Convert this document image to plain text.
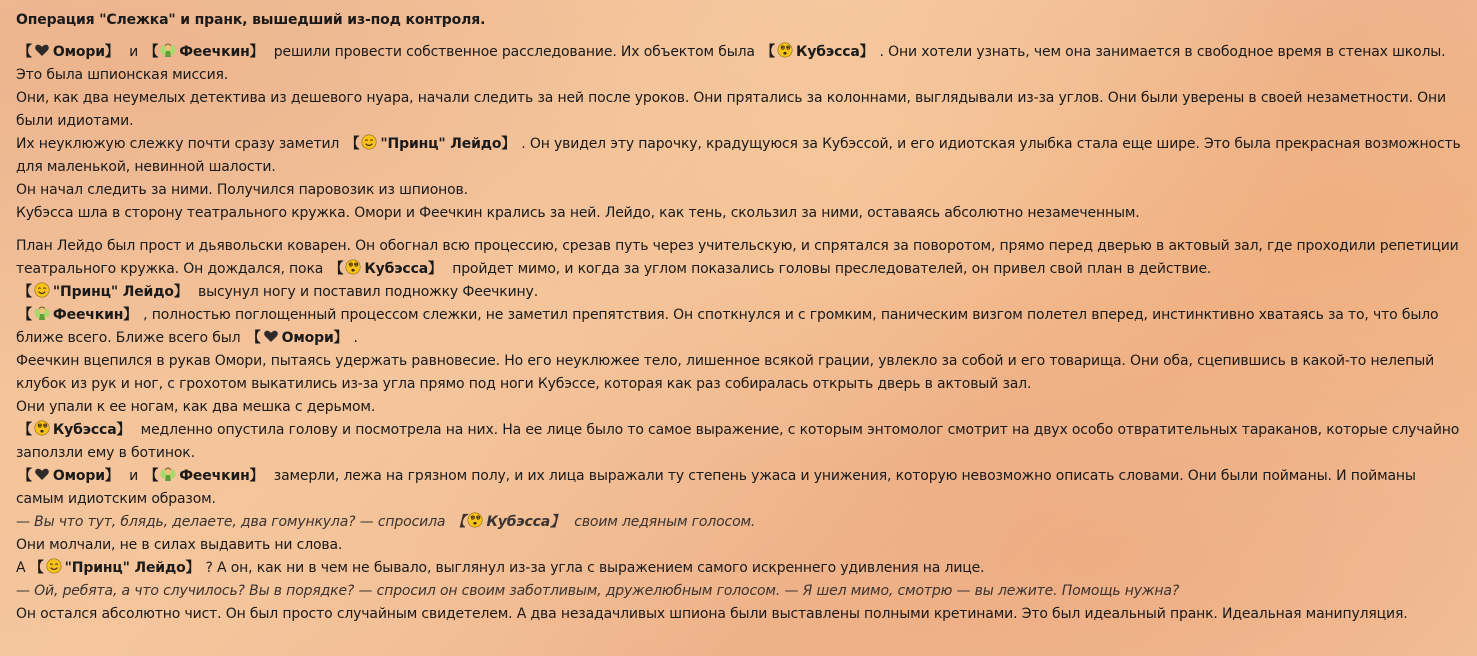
Операция "Слежка" и пранк, вышедший из-под контроля.
【 Омори】 и 【 Феечкин】 решили провести собственное расследование. Их объектом была 【 Кубэсса】 . Они хотели узнать, чем она занимается в свободное время в стенах школы. Это была шпионская миссия.
Они, как два неумелых детектива из дешевого нуара, начали следить за ней после уроков. Они прятались за колоннами, выглядывали из-за углов. Они были уверены в своей незаметности. Они были идиотами.
Их неуклюжую слежку почти сразу заметил 【 "Принц" Лейдо】 . Он увидел эту парочку, крадущуюся за Кубэссой, и его идиотская улыбка стала еще шире. Это была прекрасная возможность для маленькой, невинной шалости.
Он начал следить за ними. Получился паровозик из шпионов.
Кубэсса шла в сторону театрального кружка. Омори и Феечкин крались за ней. Лейдо, как тень, скользил за ними, оставаясь абсолютно незамеченным.
План Лейдо был прост и дьявольски коварен. Он обогнал всю процессию, срезав путь через учительскую, и спрятался за поворотом, прямо перед дверью в актовый зал, где проходили репетиции театрального кружка. Он дождался, пока 【 Кубэсса】 пройдет мимо, и когда за углом показались головы преследователей, он привел свой план в действие.
【 "Принц" Лейдо】 высунул ногу и поставил подножку Феечкину.
【 Феечкин】 , полностью поглощенный процессом слежки, не заметил препятствия. Он споткнулся и с громким, паническим визгом полетел вперед, инстинктивно хватаясь за то, что было ближе всего. Ближе всего был 【 Омори】 .
Феечкин вцепился в рукав Омори, пытаясь удержать равновесие. Но его неуклюжее тело, лишенное всякой грации, увлекло за собой и его товарища. Они оба, сцепившись в какой-то нелепый клубок из рук и ног, с грохотом выкатились из-за угла прямо под ноги Кубэссе, которая как раз собиралась открыть дверь в актовый зал.
Они упали к ее ногам, как два мешка с дерьмом.
【 Кубэсса】 медленно опустила голову и посмотрела на них. На ее лице было то самое выражение, с которым энтомолог смотрит на двух особо отвратительных тараканов, которые случайно заползли ему в ботинок.
【 Омори】 и 【 Феечкин】 замерли, лежа на грязном полу, и их лица выражали ту степень ужаса и унижения, которую невозможно описать словами. Они были пойманы. И пойманы самым идиотским образом.
— Вы что тут, блядь, делаете, два гомункула? — спросила 【 Кубэсса】 своим ледяным голосом.
Они молчали, не в силах выдавить ни слова.
А 【 "Принц" Лейдо】 ? А он, как ни в чем не бывало, выглянул из-за угла с выражением самого искреннего удивления на лице.
— Ой, ребята, а что случилось? Вы в порядке? — спросил он своим заботливым, дружелюбным голосом. — Я шел мимо, смотрю — вы лежите. Помощь нужна?
Он остался абсолютно чист. Он был просто случайным свидетелем. А два незадачливых шпиона были выставлены полными кретинами. Это был идеальный пранк. Идеальная манипуляция.
